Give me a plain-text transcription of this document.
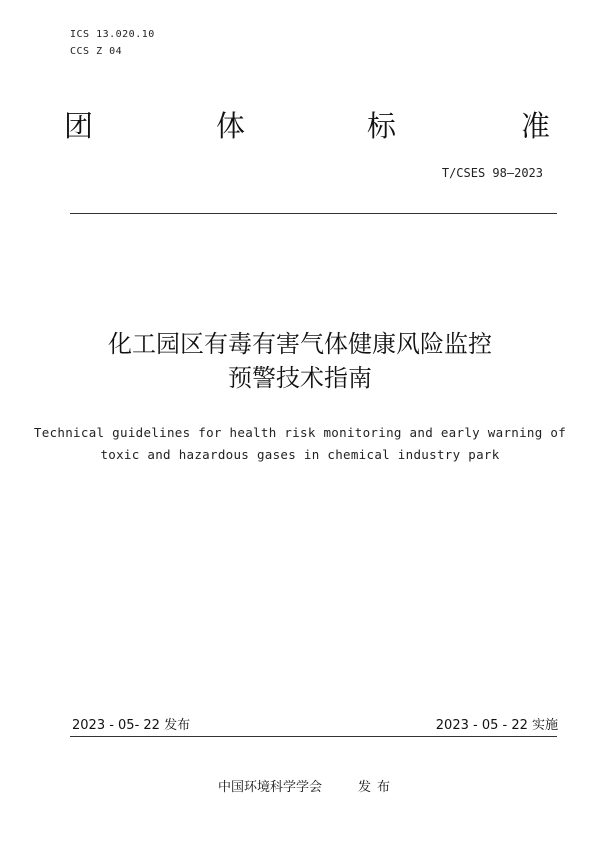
ICS 13.020.10
CCS Z 04
团	体	标	准
T/CSES 98—2023
化工园区有毒有害气体健康风险监控
预警技术指南
Technical guidelines for health risk monitoring and early warning of
toxic and hazardous gases in chemical industry park
2023 - 05- 22 发布	2023 - 05 - 22 实施
中国环境科学学会	发布
